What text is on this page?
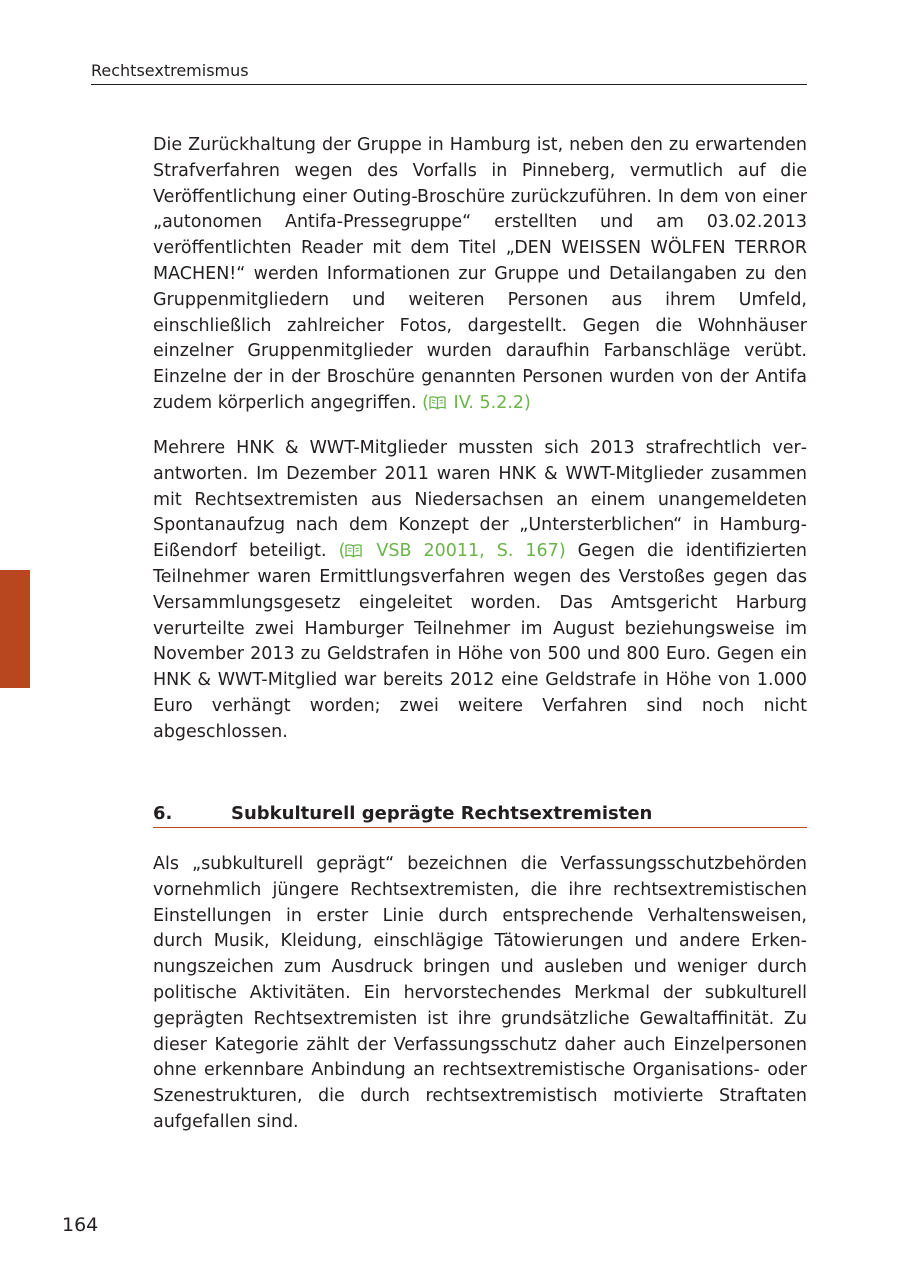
Rechtsextremismus

Die Zurückhaltung der Gruppe in Hamburg ist, neben den zu erwartenden Strafverfahren wegen des Vorfalls in Pinneberg, vermutlich auf die Veröffentlichung einer Outing-Broschüre zurückzuführen. In dem von einer „autonomen Antifa-Pressegruppe“ erstellten und am 03.02.2013 veröffentlichten Reader mit dem Titel „DEN WEISSEN WÖLFEN TERROR MACHEN!“ werden Informationen zur Gruppe und Detailangaben zu den Gruppenmitgliedern und weiteren Personen aus ihrem Umfeld, einschließlich zahlreicher Fotos, dargestellt. Gegen die Wohnhäuser einzelner Gruppenmitglieder wurden daraufhin Farbanschläge verübt. Einzelne der in der Broschüre genannten Personen wurden von der Antifa zudem körperlich angegriffen. ( IV. 5.2.2)

Mehrere HNK & WWT-Mitglieder mussten sich 2013 strafrechtlich verantworten. Im Dezember 2011 waren HNK & WWT-Mitglieder zusammen mit Rechtsextremisten aus Niedersachsen an einem unangemeldeten Spontanaufzug nach dem Konzept der „Untersterblichen“ in Hamburg-Eißendorf beteiligt. ( VSB 20011, S. 167) Gegen die identifizierten Teilnehmer waren Ermittlungsverfahren wegen des Verstoßes gegen das Versammlungsgesetz eingeleitet worden. Das Amtsgericht Harburg verurteilte zwei Hamburger Teilnehmer im August beziehungsweise im November 2013 zu Geldstrafen in Höhe von 500 und 800 Euro. Gegen ein HNK & WWT-Mitglied war bereits 2012 eine Geldstrafe in Höhe von 1.000 Euro verhängt worden; zwei weitere Verfahren sind noch nicht abgeschlossen.

6.	Subkulturell geprägte Rechtsextremisten

Als „subkulturell geprägt“ bezeichnen die Verfassungsschutzbehörden vornehmlich jüngere Rechtsextremisten, die ihre rechtsextremistischen Einstellungen in erster Linie durch entsprechende Verhaltensweisen, durch Musik, Kleidung, einschlägige Tätowierungen und andere Erkennungszeichen zum Ausdruck bringen und ausleben und weniger durch politische Aktivitäten. Ein hervorstechendes Merkmal der subkulturell geprägten Rechtsextremisten ist ihre grundsätzliche Gewaltaffinität. Zu dieser Kategorie zählt der Verfassungsschutz daher auch Einzelpersonen ohne erkennbare Anbindung an rechtsextremistische Organisations- oder Szenestrukturen, die durch rechtsextremistisch motivierte Straftaten aufgefallen sind.

164
